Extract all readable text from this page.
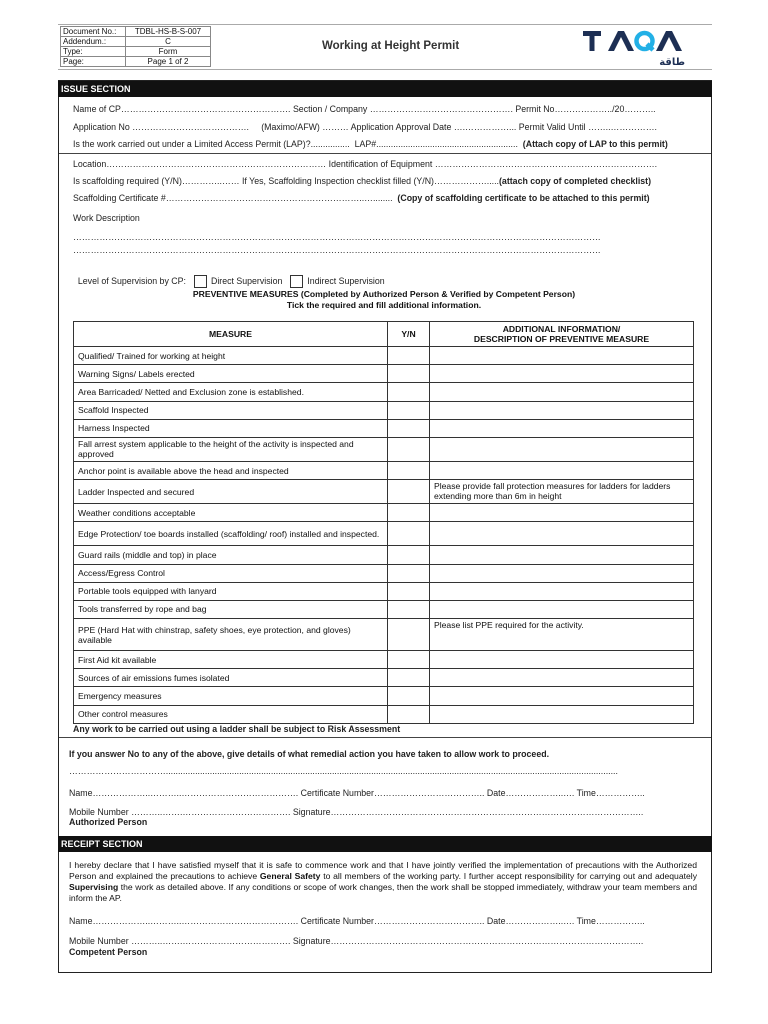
Document No.:	TDBL-HS-B-S-007
Addendum.:	C
Type:	Form
Page:	Page 1 of 2
Working at Height Permit
طاقة
ISSUE SECTION
Name of CP…………………………………………………. Section / Company …………………………………………. Permit No………………../20………..
Application No ………………………………….     (Maximo/AFW) ……… Application Approval Date ….……………... Permit Valid Until ……..…………….
Is the work carried out under a Limited Access Permit (LAP)?................  LAP#..........................................................  (Attach copy of LAP to this permit)
Location………………………………………………………………… Identification of Equipment ………………………………………………………………….
Is scaffolding required (Y/N)…………..…… If Yes, Scaffolding Inspection checklist filled (Y/N)……………….....(attach copy of completed checklist)
Scaffolding Certificate #…………………………………………………………..…........  (Copy of scaffolding certificate to be attached to this permit)
Work Description
………………………………………………………………………………………………………………………………………………………………
………………………………………………………………………………………………………………………………………………………………

Level of Supervision by CP:	Direct Supervision	Indirect Supervision

PREVENTIVE MEASURES (Completed by Authorized Person & Verified by Competent Person)
Tick the required and fill additional information.
MEASURE	Y/N	ADDITIONAL INFORMATION/
DESCRIPTION OF PREVENTIVE MEASURE

Qualified/ Trained for working at height		
Warning Signs/ Labels erected		
Area Barricaded/ Netted and Exclusion zone is established.		
Scaffold Inspected		
Harness Inspected		
Fall arrest system applicable to the height of the activity is inspected and approved		
Anchor point is available above the head and inspected		
Ladder Inspected and secured		Please provide fall protection measures for ladders for ladders extending more than 6m in height
Weather conditions acceptable		
Edge Protection/ toe boards installed (scaffolding/ roof) installed and inspected.		
Guard rails (middle and top) in place		
Access/Egress Control		
Portable tools equipped with lanyard		
Tools transferred by rope and bag		
PPE (Hard Hat with chinstrap, safety shoes, eye protection, and gloves) available		Please list PPE required for the activity.
First Aid kit available		
Sources of air emissions fumes isolated		
Emergency measures		
Other control measures		
Any work to be carried out using a ladder shall be subject to Risk Assessment
If you answer No to any of the above, give details of what remedial action you have taken to allow work to proceed.
…………………………….........................................................................................................................................................................................
Name………………..………..…………………………………. Certificate Number……………………………….. Date………………..…. Time……………..
Mobile Number ………..…….………………………………. Signature……………………………………………………………………………………………..
Authorized Person
RECEIPT SECTION
I hereby declare that I have satisfied myself that it is safe to commence work and that I have jointly verified the implementation of precautions with the Authorized Person and explained the precautions to achieve General Safety to all members of the working party. I further accept responsibility for carrying out and adequately Supervising the work as detailed above. If any conditions or scope of work changes, then the work shall be stopped immediately, withdraw your team members and inform the AP.
Name………………..………..…………………………………. Certificate Number……………………………….. Date………………..…. Time……………..
Mobile Number ………..…….………………………………. Signature……………………………………………………………………………………………..
Competent Person
